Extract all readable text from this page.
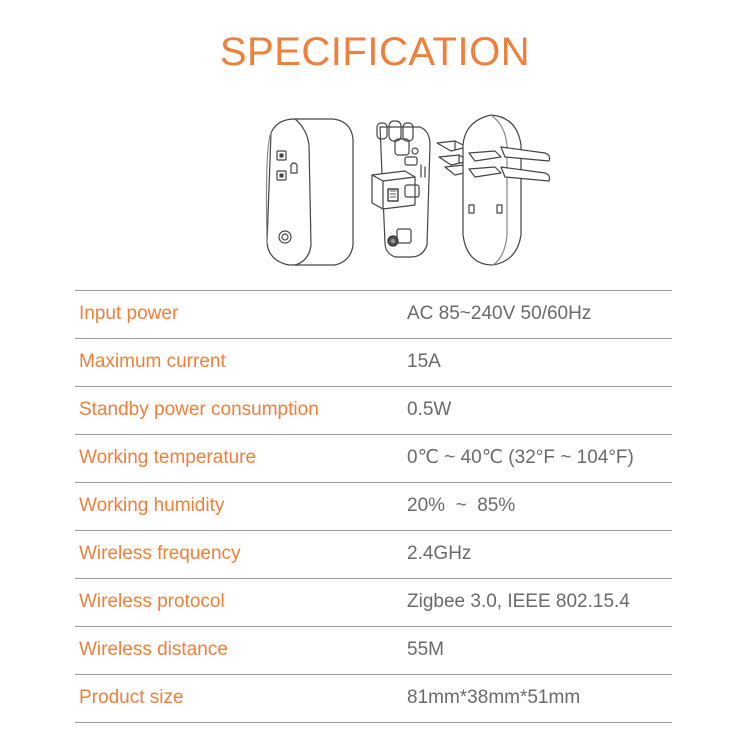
SPECIFICATION
Input power	AC 85~240V 50/60Hz
Maximum current	15A
Standby power consumption	0.5W
Working temperature	0℃ ~ 40℃ (32°F ~ 104°F)
Working humidity	20%  ~  85%
Wireless frequency	2.4GHz
Wireless protocol	Zigbee 3.0, IEEE 802.15.4
Wireless distance	55M
Product size	81mm*38mm*51mm
